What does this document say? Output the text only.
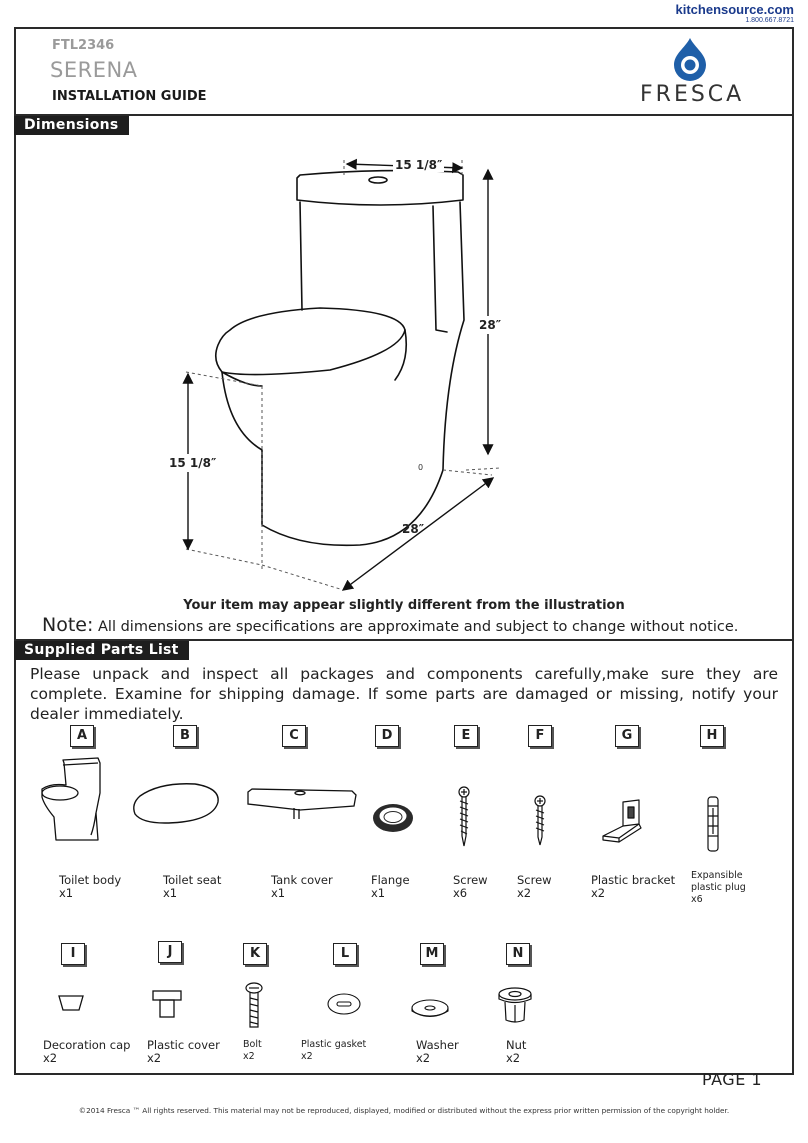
kitchensource.com
1.800.667.8721
FTL2346
SERENA
INSTALLATION GUIDE	FRESCA
Dimensions
0
15 1/8″
28″
15 1/8″
28″
Your item may appear slightly different from the illustration
Note: All dimensions are specifications are approximate and subject to change without notice.
Supplied Parts List
Please unpack and inspect all packages and components carefully,make sure they are complete. Examine for shipping damage. If some parts are damaged or missing, notify your dealer immediately.
A	B	C	D	E	F	G	H
Toilet body
x1
Toilet seat
x1
Tank cover
x1
Flange
x1
Screw
x6
Screw
x2
Plastic bracket
x2
Expansible plastic plug
x6
I	J	K	L	M	N
Decoration cap
x2
Plastic cover
x2
Bolt
x2
Plastic gasket
x2
Washer
x2
Nut
x2
PAGE 1
©2014 Fresca ™ All rights reserved. This material may not be reproduced, displayed, modified or distributed without the express prior written permission of the copyright holder.
